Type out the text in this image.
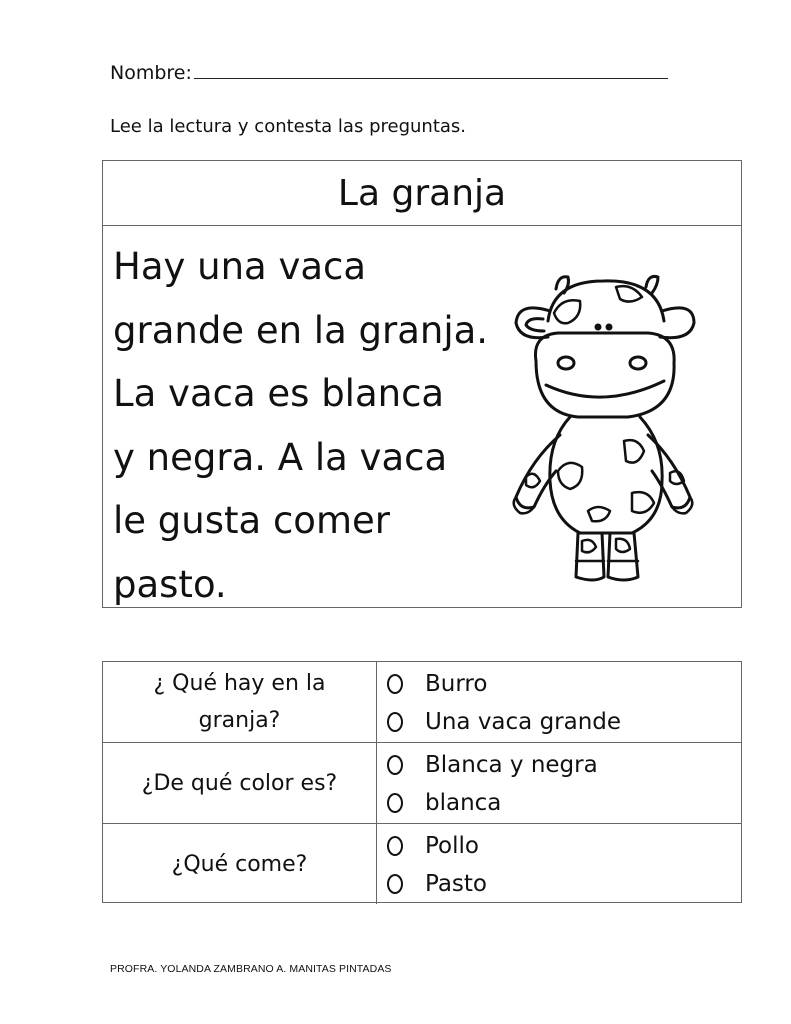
Nombre:
Lee la lectura y contesta las preguntas.
La granja
Hay una vaca
grande en la granja.
La vaca es blanca
y negra. A la vaca
le gusta comer
pasto.
¿ Qué hay en la
granja?
Burro
Una vaca grande
¿De qué color es?
Blanca y negra
blanca
¿Qué come?
Pollo
Pasto
PROFRA. YOLANDA ZAMBRANO A. MANITAS PINTADAS
